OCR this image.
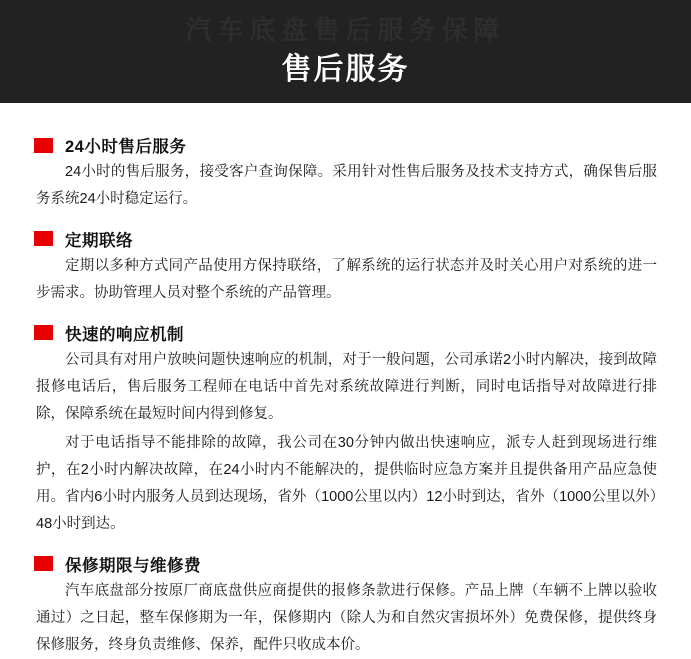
汽车底盘售后服务保障
售后服务
24小时售后服务

24小时的售后服务，接受客户查询保障。采用针对性售后服务及技术支持方式，确保售后服务系统24小时稳定运行。

定期联络

定期以多种方式同产品使用方保持联络，了解系统的运行状态并及时关心用户对系统的进一步需求。协助管理人员对整个系统的产品管理。

快速的响应机制

公司具有对用户放映问题快速响应的机制，对于一般问题，公司承诺2小时内解决，接到故障报修电话后，售后服务工程师在电话中首先对系统故障进行判断，同时电话指导对故障进行排除，保障系统在最短时间内得到修复。

对于电话指导不能排除的故障，我公司在30分钟内做出快速响应，派专人赶到现场进行维护，在2小时内解决故障，在24小时内不能解决的，提供临时应急方案并且提供备用产品应急使用。省内6小时内服务人员到达现场，省外（1000公里以内）12小时到达，省外（1000公里以外）48小时到达。

保修期限与维修费

汽车底盘部分按原厂商底盘供应商提供的报修条款进行保修。产品上牌（车辆不上牌以验收通过）之日起，整车保修期为一年，保修期内（除人为和自然灾害损坏外）免费保修，提供终身保修服务，终身负责维修、保养，配件只收成本价。
